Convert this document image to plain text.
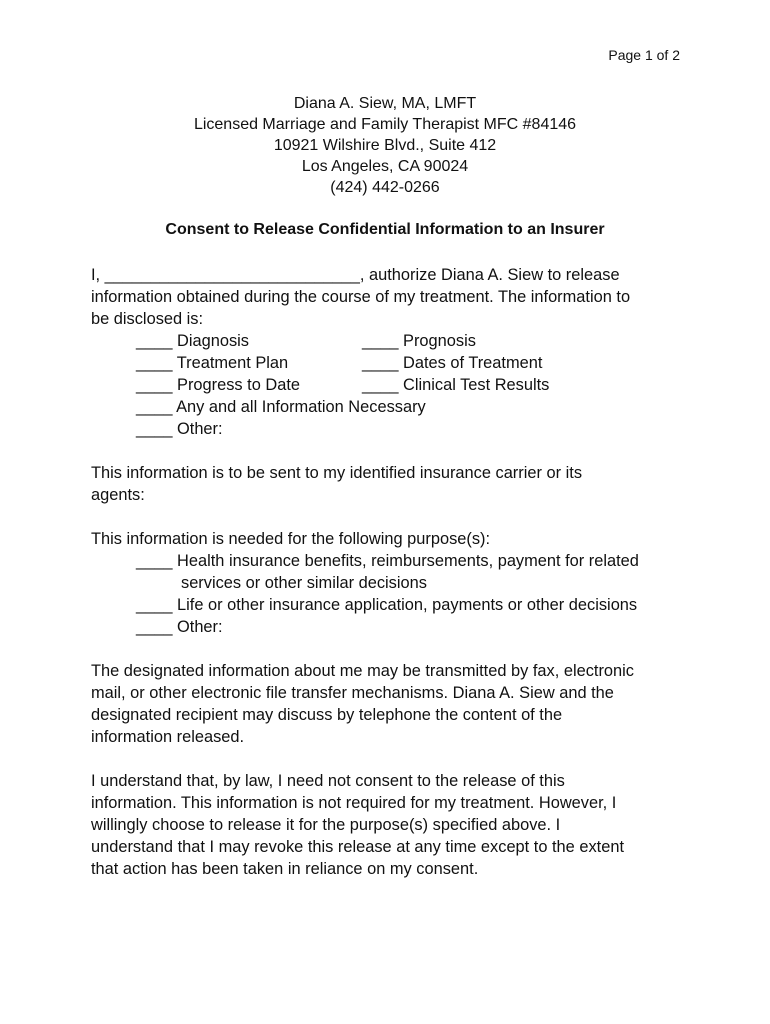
Page 1 of 2
Diana A. Siew, MA, LMFT
Licensed Marriage and Family Therapist MFC #84146
10921 Wilshire Blvd., Suite 412
Los Angeles, CA 90024
(424) 442-0266
Consent to Release Confidential Information to an Insurer
I, ____________________________, authorize Diana A. Siew to release
information obtained during the course of my treatment. The information to
be disclosed is:
____ Diagnosis	____ Prognosis
____ Treatment Plan	____ Dates of Treatment
____ Progress to Date	____ Clinical Test Results
____ Any and all Information Necessary
____ Other:
This information is to be sent to my identified insurance carrier or its
agents:
This information is needed for the following purpose(s):
____ Health insurance benefits, reimbursements, payment for related
services or other similar decisions
____ Life or other insurance application, payments or other decisions
____ Other:
The designated information about me may be transmitted by fax, electronic
mail, or other electronic file transfer mechanisms. Diana A. Siew and the
designated recipient may discuss by telephone the content of the
information released.
I understand that, by law, I need not consent to the release of this
information. This information is not required for my treatment. However, I
willingly choose to release it for the purpose(s) specified above. I
understand that I may revoke this release at any time except to the extent
that action has been taken in reliance on my consent.
